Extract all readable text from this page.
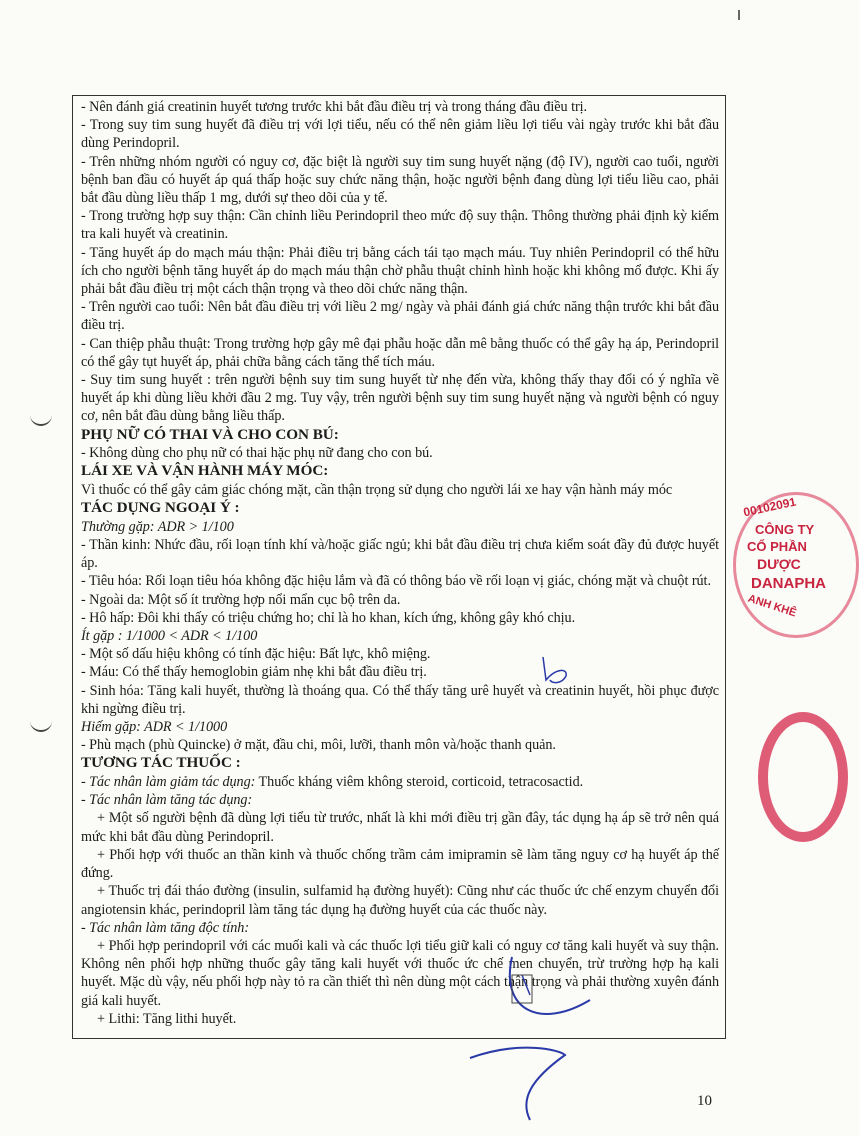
- Nên đánh giá creatinin huyết tương trước khi bắt đầu điều trị và trong tháng đầu điều trị.

- Trong suy tim sung huyết đã điều trị với lợi tiểu, nếu có thể nên giảm liều lợi tiểu vài ngày trước khi bắt đầu dùng Perindopril.

- Trên những nhóm người có nguy cơ, đặc biệt là người suy tim sung huyết nặng (độ IV), người cao tuổi, người bệnh ban đầu có huyết áp quá thấp hoặc suy chức năng thận, hoặc người bệnh đang dùng lợi tiểu liều cao, phải bắt đầu dùng liều thấp 1 mg, dưới sự theo dõi của y tế.

- Trong trường hợp suy thận: Cần chỉnh liều Perindopril theo mức độ suy thận. Thông thường phải định kỳ kiểm tra kali huyết và creatinin.

- Tăng huyết áp do mạch máu thận: Phải điều trị bằng cách tái tạo mạch máu. Tuy nhiên Perindopril có thể hữu ích cho người bệnh tăng huyết áp do mạch máu thận chờ phẫu thuật chỉnh hình hoặc khi không mổ được. Khi ấy phải bắt đầu điều trị một cách thận trọng và theo dõi chức năng thận.

- Trên người cao tuổi: Nên bắt đầu điều trị với liều 2 mg/ ngày và phải đánh giá chức năng thận trước khi bắt đầu điều trị.

- Can thiệp phẫu thuật: Trong trường hợp gây mê đại phẫu hoặc dẫn mê bằng thuốc có thể gây hạ áp, Perindopril có thể gây tụt huyết áp, phải chữa bằng cách tăng thể tích máu.

- Suy tim sung huyết : trên người bệnh suy tim sung huyết từ nhẹ đến vừa, không thấy thay đổi có ý nghĩa về huyết áp khi dùng liều khởi đầu 2 mg. Tuy vậy, trên người bệnh suy tim sung huyết nặng và người bệnh có nguy cơ, nên bắt đầu dùng bằng liều thấp.

PHỤ NỮ CÓ THAI VÀ CHO CON BÚ:

- Không dùng cho phụ nữ có thai hặc phụ nữ đang cho con bú.

LÁI XE VÀ VẬN HÀNH MÁY MÓC:

Vì thuốc có thể gây cảm giác chóng mặt, cần thận trọng sử dụng cho người lái xe hay vận hành máy móc

TÁC DỤNG NGOẠI Ý :

Thường gặp: ADR > 1/100

- Thần kinh: Nhức đầu, rối loạn tính khí và/hoặc giấc ngủ; khi bắt đầu điều trị chưa kiểm soát đầy đủ được huyết áp.

- Tiêu hóa: Rối loạn tiêu hóa không đặc hiệu lắm và đã có thông báo về rối loạn vị giác, chóng mặt và chuột rút.

- Ngoài da: Một số ít trường hợp nổi mẩn cục bộ trên da.

- Hô hấp: Đôi khi thấy có triệu chứng ho; chỉ là ho khan, kích ứng, không gây khó chịu.

Ít gặp : 1/1000 < ADR < 1/100

- Một số dấu hiệu không có tính đặc hiệu: Bất lực, khô miệng.

- Máu: Có thể thấy hemoglobin giảm nhẹ khi bắt đầu điều trị.

- Sinh hóa: Tăng kali huyết, thường là thoáng qua. Có thể thấy tăng urê huyết và creatinin huyết, hồi phục được khi ngừng điều trị.

Hiếm gặp: ADR < 1/1000

- Phù mạch (phù Quincke) ở mặt, đầu chi, môi, lưỡi, thanh môn và/hoặc thanh quản.

TƯƠNG TÁC THUỐC :

- Tác nhân làm giảm tác dụng: Thuốc kháng viêm không steroid, corticoid, tetracosactid.

- Tác nhân làm tăng tác dụng:

+ Một số người bệnh đã dùng lợi tiểu từ trước, nhất là khi mới điều trị gần đây, tác dụng hạ áp sẽ trở nên quá mức khi bắt đầu dùng Perindopril.

+ Phối hợp với thuốc an thần kinh và thuốc chống trầm cảm imipramin sẽ làm tăng nguy cơ hạ huyết áp thế đứng.

+ Thuốc trị đái tháo đường (insulin, sulfamid hạ đường huyết): Cũng như các thuốc ức chế enzym chuyển đổi angiotensin khác, perindopril làm tăng tác dụng hạ đường huyết của các thuốc này.

- Tác nhân làm tăng độc tính:

+ Phối hợp perindopril với các muối kali và các thuốc lợi tiểu giữ kali có nguy cơ tăng kali huyết và suy thận. Không nên phối hợp những thuốc gây tăng kali huyết với thuốc ức chế men chuyển, trừ trường hợp hạ kali huyết. Mặc dù vậy, nếu phối hợp này tỏ ra cần thiết thì nên dùng một cách thận trọng và phải thường xuyên đánh giá kali huyết.

+ Lithi: Tăng lithi huyết.

10
00102091
CÔNG TY
CỔ PHẦN
DƯỢC
DANAPHA
ANH KHÊ
